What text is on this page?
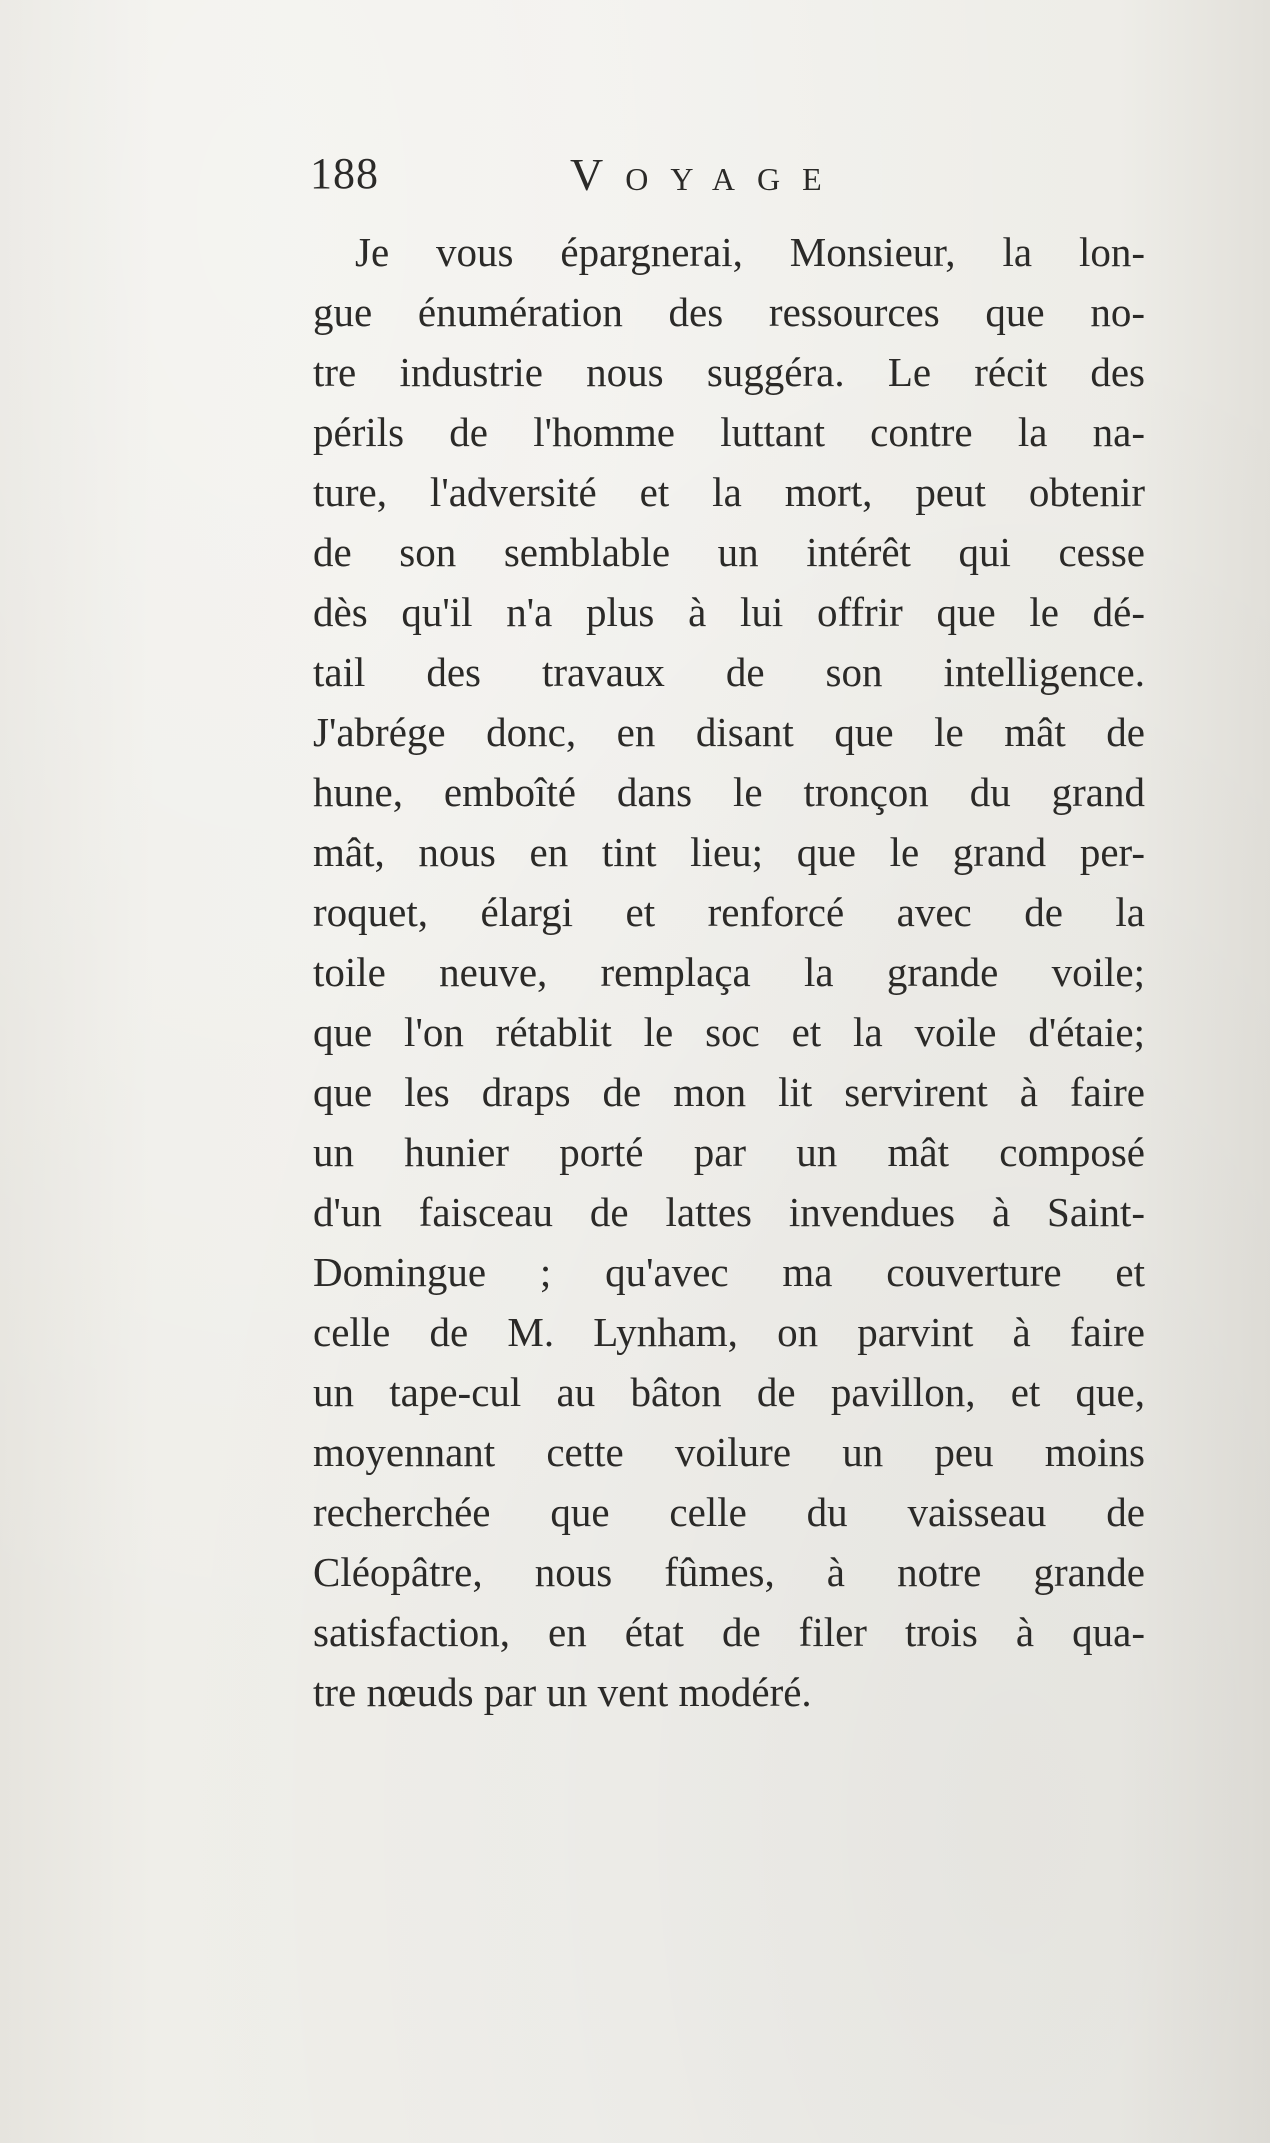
188	Voyage
Je vous épargnerai, Monsieur, la lon-
gue énumération des ressources que no-
tre industrie nous suggéra. Le récit des
périls de l'homme luttant contre la na-
ture, l'adversité et la mort, peut obtenir
de son semblable un intérêt qui cesse
dès qu'il n'a plus à lui offrir que le dé-
tail des travaux de son intelligence.
J'abrége donc, en disant que le mât de
hune, emboîté dans le tronçon du grand
mât, nous en tint lieu; que le grand per-
roquet, élargi et renforcé avec de la
toile neuve, remplaça la grande voile;
que l'on rétablit le soc et la voile d'étaie;
que les draps de mon lit servirent à faire
un hunier porté par un mât composé
d'un faisceau de lattes invendues à Saint-
Domingue ; qu'avec ma couverture et
celle de M. Lynham, on parvint à faire
un tape-cul au bâton de pavillon, et que,
moyennant cette voilure un peu moins
recherchée que celle du vaisseau de
Cléopâtre, nous fûmes, à notre grande
satisfaction, en état de filer trois à qua-
tre nœuds par un vent modéré.
